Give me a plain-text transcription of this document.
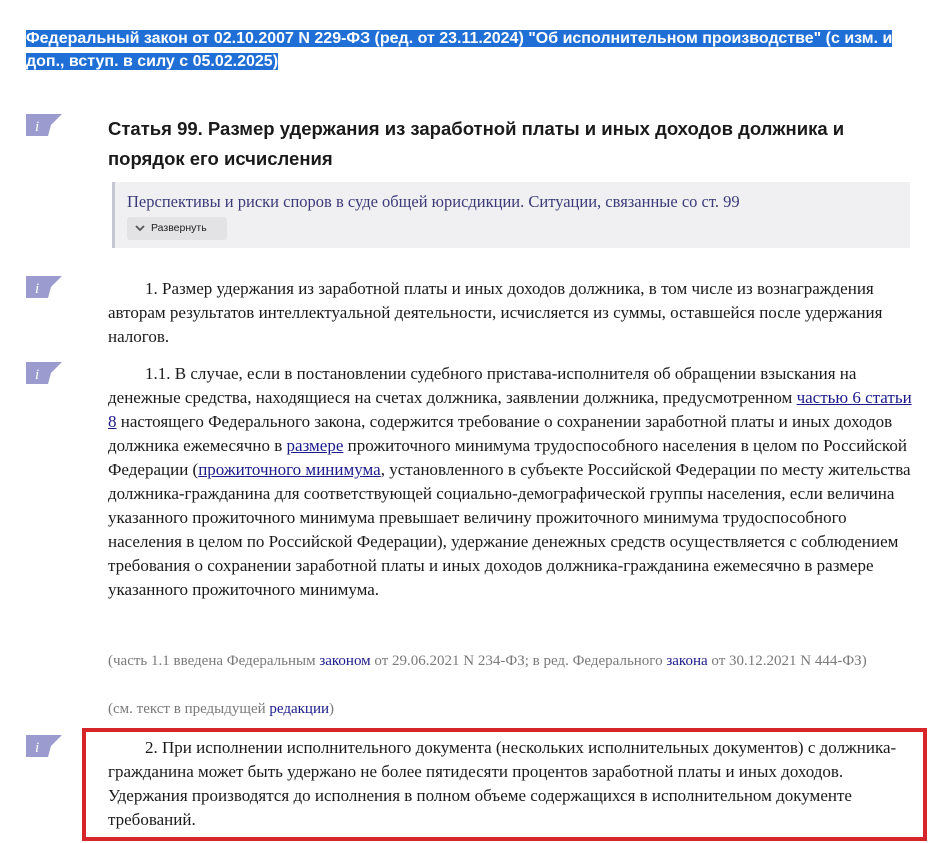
Федеральный закон от 02.10.2007 N 229-ФЗ (ред. от 23.11.2024) "Об исполнительном производстве" (с изм. и доп., вступ. в силу с 05.02.2025)
i	Статья 99. Размер удержания из заработной платы и иных доходов должника и порядок его исчисления
Перспективы и риски споров в суде общей юрисдикции. Ситуации, связанные со ст. 99
Развернуть
i	1. Размер удержания из заработной платы и иных доходов должника, в том числе из вознаграждения авторам результатов интеллектуальной деятельности, исчисляется из суммы, оставшейся после удержания налогов.
i	1.1. В случае, если в постановлении судебного пристава-исполнителя об обращении взыскания на денежные средства, находящиеся на счетах должника, заявлении должника, предусмотренном частью 6 статьи 8 настоящего Федерального закона, содержится требование о сохранении заработной платы и иных доходов должника ежемесячно в размере прожиточного минимума трудоспособного населения в целом по Российской Федерации (прожиточного минимума, установленного в субъекте Российской Федерации по месту жительства должника-гражданина для соответствующей социально-демографической группы населения, если величина указанного прожиточного минимума превышает величину прожиточного минимума трудоспособного населения в целом по Российской Федерации), удержание денежных средств осуществляется с соблюдением требования о сохранении заработной платы и иных доходов должника-гражданина ежемесячно в размере указанного прожиточного минимума.
(часть 1.1 введена Федеральным законом от 29.06.2021 N 234-ФЗ; в ред. Федерального закона от 30.12.2021 N 444-ФЗ)
(см. текст в предыдущей редакции)
i	2. При исполнении исполнительного документа (нескольких исполнительных документов) с должника-гражданина может быть удержано не более пятидесяти процентов заработной платы и иных доходов. Удержания производятся до исполнения в полном объеме содержащихся в исполнительном документе требований.
